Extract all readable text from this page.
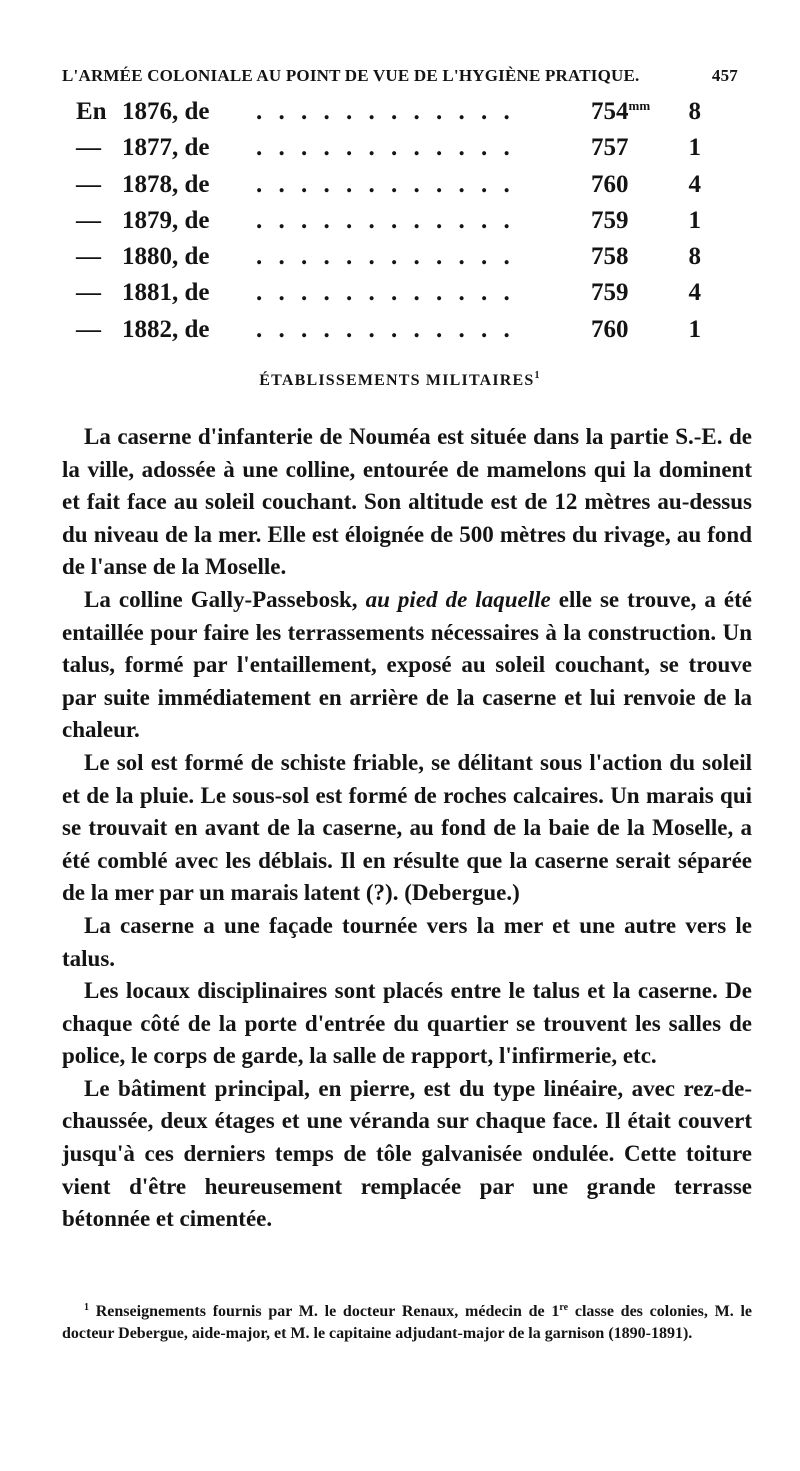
L'ARMÉE COLONIALE AU POINT DE VUE DE L'HYGIÈNE PRATIQUE.	457
En 1876, de	. . . . . . . . . . . .	$754^{mm}$	8
— 1877, de	. . . . . . . . . . . .	757	1
— 1878, de	. . . . . . . . . . . .	760	4
— 1879, de	. . . . . . . . . . . .	759	1
— 1880, de	. . . . . . . . . . . .	758	8
— 1881, de	. . . . . . . . . . . .	759	4
— 1882, de	. . . . . . . . . . . .	760	1
ÉTABLISSEMENTS MILITAIRES$^1$

La caserne d'infanterie de Nouméa est située dans la partie S.-E. de la ville, adossée à une colline, entourée de mamelons qui la dominent et fait face au soleil couchant. Son altitude est de 12 mètres au-dessus du niveau de la mer. Elle est éloignée de 500 mètres du rivage, au fond de l'anse de la Moselle.

La colline Gally-Passebosk, au pied de laquelle elle se trouve, a été entaillée pour faire les terrassements nécessaires à la construction. Un talus, formé par l'entaillement, exposé au soleil couchant, se trouve par suite immédiatement en arrière de la caserne et lui renvoie de la chaleur.

Le sol est formé de schiste friable, se délitant sous l'action du soleil et de la pluie. Le sous-sol est formé de roches calcaires. Un marais qui se trouvait en avant de la caserne, au fond de la baie de la Moselle, a été comblé avec les déblais. Il en résulte que la caserne serait séparée de la mer par un marais latent (?). (Debergue.)

La caserne a une façade tournée vers la mer et une autre vers le talus.

Les locaux disciplinaires sont placés entre le talus et la caserne. De chaque côté de la porte d'entrée du quartier se trouvent les salles de police, le corps de garde, la salle de rapport, l'infirmerie, etc.

Le bâtiment principal, en pierre, est du type linéaire, avec rez-de-chaussée, deux étages et une véranda sur chaque face. Il était couvert jusqu'à ces derniers temps de tôle galvanisée ondulée. Cette toiture vient d'être heureusement remplacée par une grande terrasse bétonnée et cimentée.

$^1$ Renseignements fournis par M. le docteur Renaux, médecin de 1re classe des colonies, M. le docteur Debergue, aide-major, et M. le capitaine adjudant-major de la garnison (1890-1891).
